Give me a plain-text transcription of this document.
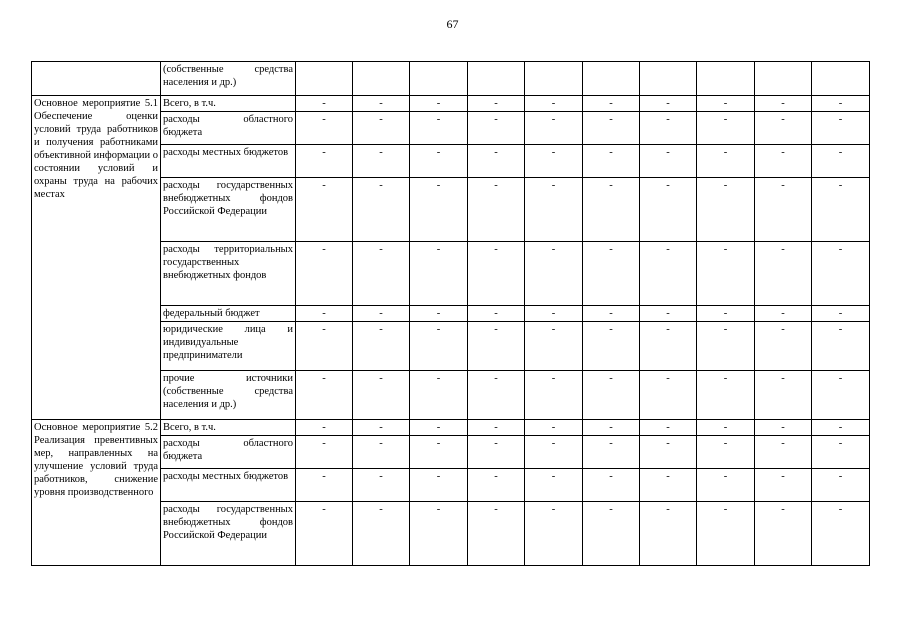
67
	(собственные средства населения и др.)										
Основное мероприятие 5.1 Обеспечение оценки условий труда работников и получения работниками объективной информации о состоянии условий и охраны труда на рабочих местах	Всего, в т.ч.	-	-	-	-	-	-	-	-	-	-
	расходы областного бюджета	-	-	-	-	-	-	-	-	-	-
	расходы местных бюджетов	-	-	-	-	-	-	-	-	-	-
	расходы государственных внебюджетных фондов Российской Федерации	-	-	-	-	-	-	-	-	-	-
	расходы территориальных государственных внебюджетных фондов	-	-	-	-	-	-	-	-	-	-
	федеральный бюджет	-	-	-	-	-	-	-	-	-	-
	юридические лица и индивидуальные предприниматели	-	-	-	-	-	-	-	-	-	-
	прочие источники (собственные средства населения и др.)	-	-	-	-	-	-	-	-	-	-
Основное мероприятие 5.2 Реализация превентивных мер, направленных на улучшение условий труда работников, снижение уровня производственного	Всего, в т.ч.	-	-	-	-	-	-	-	-	-	-
	расходы областного бюджета	-	-	-	-	-	-	-	-	-	-
	расходы местных бюджетов	-	-	-	-	-	-	-	-	-	-
	расходы государственных внебюджетных фондов Российской Федерации	-	-	-	-	-	-	-	-	-	-
